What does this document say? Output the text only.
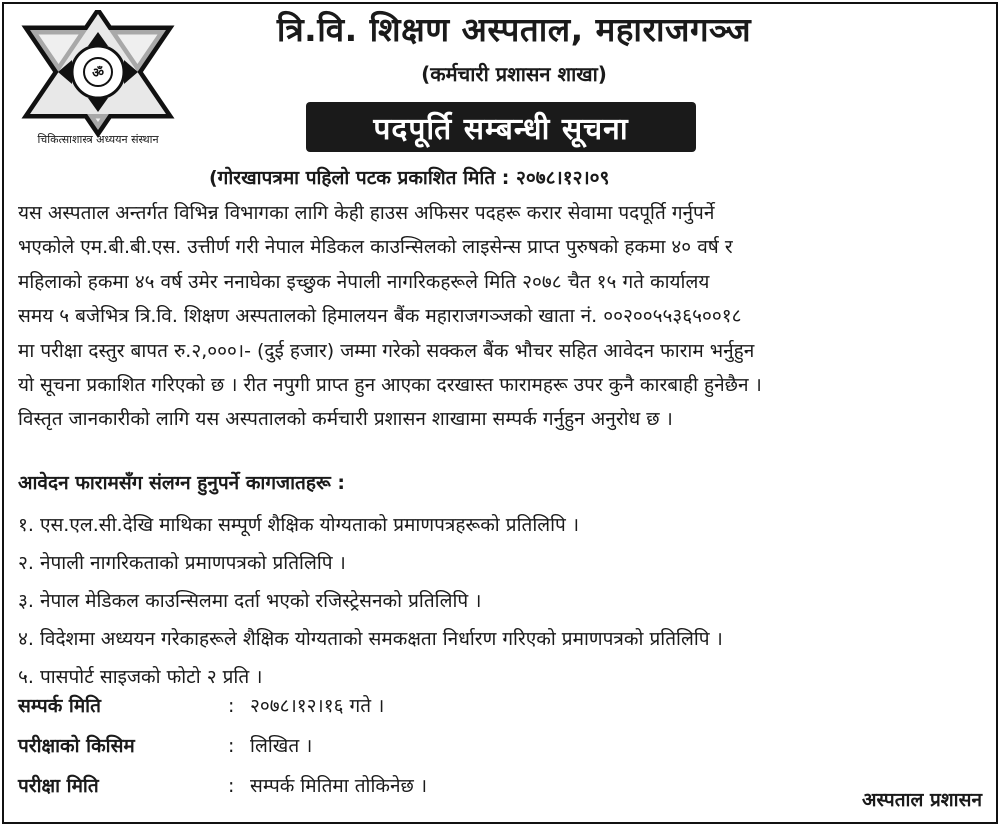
ॐ
चिकित्साशास्त्र अध्ययन संस्थान
त्रि.वि. शिक्षण अस्पताल, महाराजगञ्ज
(कर्मचारी प्रशासन शाखा)
पदपूर्ति सम्बन्धी सूचना
(गोरखापत्रमा पहिलो पटक प्रकाशित मिति : २०७८।१२।०९
यस अस्पताल अन्तर्गत विभिन्न विभागका लागि केही हाउस अफिसर पदहरू करार सेवामा पदपूर्ति गर्नुपर्ने
भएकोले एम.बी.बी.एस. उत्तीर्ण गरी नेपाल मेडिकल काउन्सिलको लाइसेन्स प्राप्त पुरुषको हकमा ४० वर्ष र
महिलाको हकमा ४५ वर्ष उमेर ननाघेका इच्छुक नेपाली नागरिकहरूले मिति २०७८ चैत १५ गते कार्यालय
समय ५ बजेभित्र त्रि.वि. शिक्षण अस्पतालको हिमालयन बैंक महाराजगञ्जको खाता नं. ००२००५५३६५००१८
मा परीक्षा दस्तुर बापत रु.२,०००।- (दुई हजार) जम्मा गरेको सक्कल बैंक भौचर सहित आवेदन फाराम भर्नुहुन
यो सूचना प्रकाशित गरिएको छ । रीत नपुगी प्राप्त हुन आएका दरखास्त फारामहरू उपर कुनै कारबाही हुनेछैन ।
विस्तृत जानकारीको लागि यस अस्पतालको कर्मचारी प्रशासन शाखामा सम्पर्क गर्नुहुन अनुरोध छ ।
आवेदन फारामसँग संलग्न हुनुपर्ने कागजातहरू :
१. एस.एल.सी.देखि माथिका सम्पूर्ण शैक्षिक योग्यताको प्रमाणपत्रहरूको प्रतिलिपि ।
२. नेपाली नागरिकताको प्रमाणपत्रको प्रतिलिपि ।
३. नेपाल मेडिकल काउन्सिलमा दर्ता भएको रजिस्ट्रेसनको प्रतिलिपि ।
४. विदेशमा अध्ययन गरेकाहरूले शैक्षिक योग्यताको समकक्षता निर्धारण गरिएको प्रमाणपत्रको प्रतिलिपि ।
५. पासपोर्ट साइजको फोटो २ प्रति ।
सम्पर्क मिति	: २०७८।१२।१६ गते ।
परीक्षाको किसिम	: लिखित ।
परीक्षा मिति	: सम्पर्क मितिमा तोकिनेछ ।
अस्पताल प्रशासन
